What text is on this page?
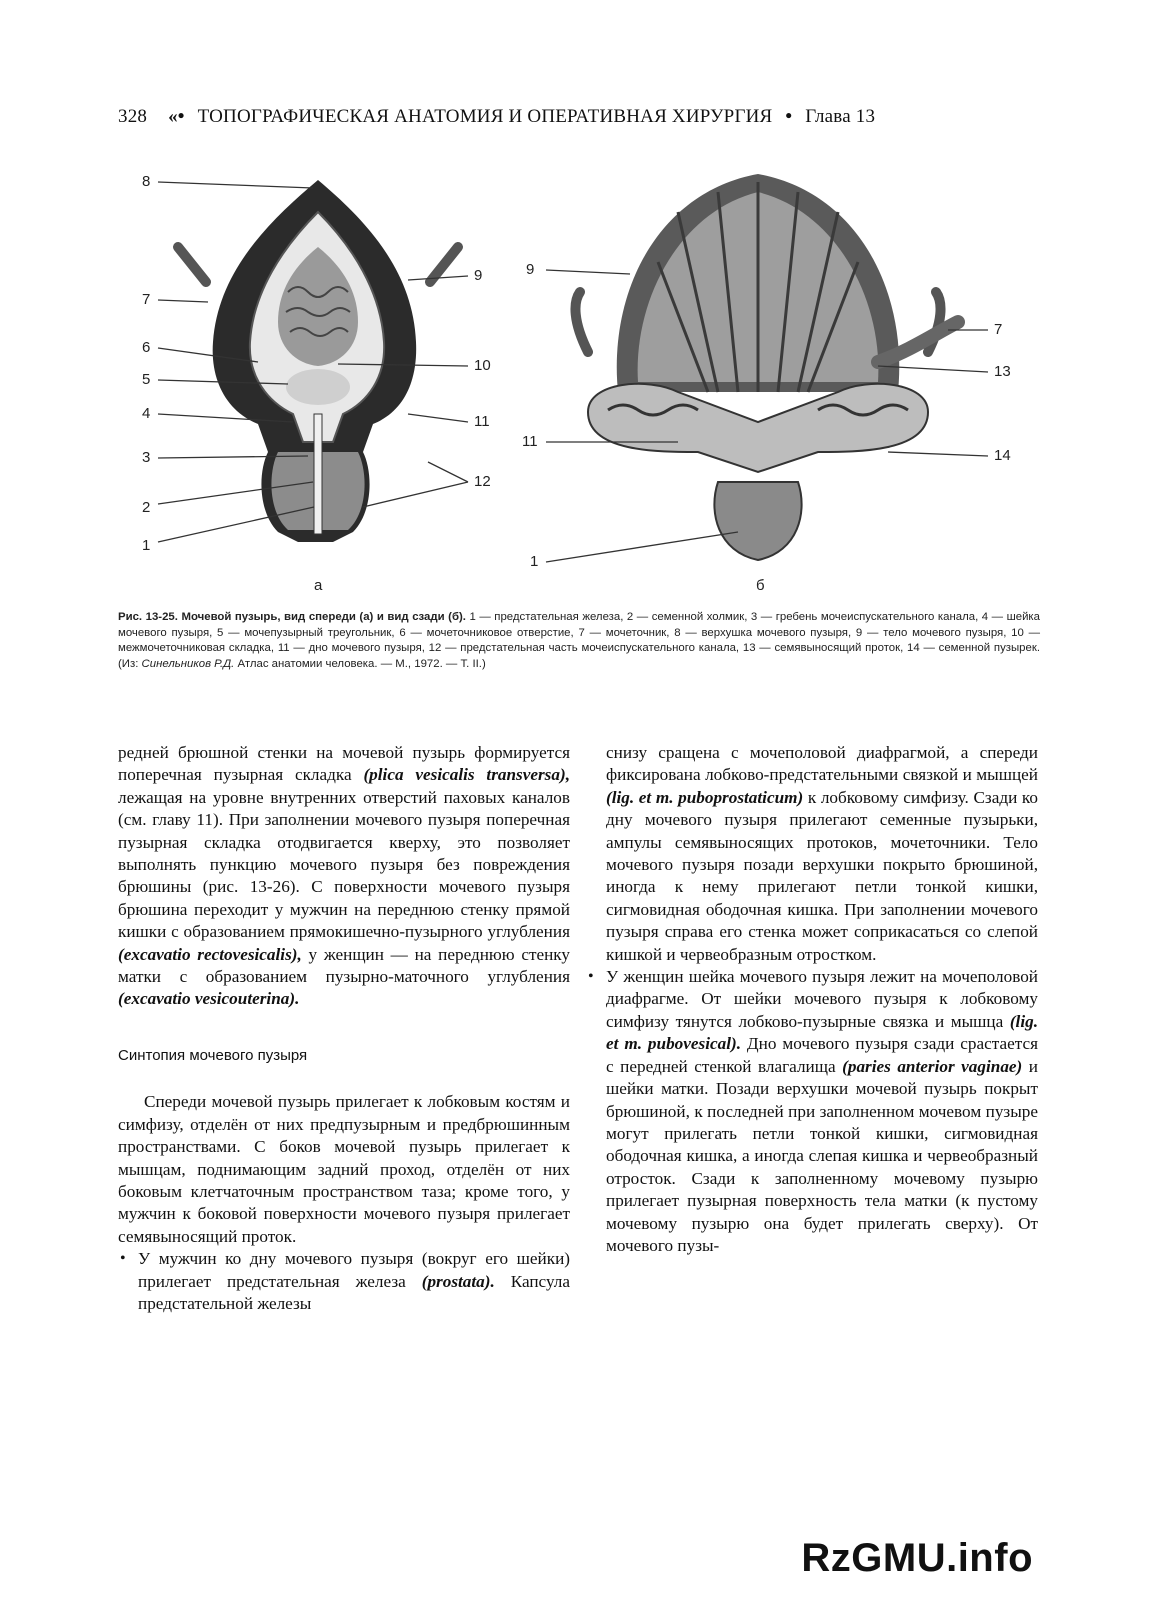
328 «• ТОПОГРАФИЧЕСКАЯ АНАТОМИЯ И ОПЕРАТИВНАЯ ХИРУРГИЯ • Глава 13
8
9
7
6
5
10
4	11
3
12
2
1
а
9
7
13
11
14
1
б
Рис. 13-25. Мочевой пузырь, вид спереди (а) и вид сзади (б). 1 — предстательная железа, 2 — семенной холмик, 3 — гребень мочеиспускательного канала, 4 — шейка мочевого пузыря, 5 — мочепузырный треугольник, 6 — мочеточниковое отверстие, 7 — мочеточник, 8 — верхушка мочевого пузыря, 9 — тело мочевого пузыря, 10 — межмочеточниковая складка, 11 — дно мочевого пузыря, 12 — предстательная часть мочеиспускательного канала, 13 — семявыносящий проток, 14 — семенной пузырек. (Из: Синельников Р.Д. Атлас анатомии человека. — М., 1972. — Т. II.)

редней брюшной стенки на мочевой пузырь формируется поперечная пузырная складка (plica vesicalis transversa), лежащая на уровне внутренних отверстий паховых каналов (см. главу 11). При заполнении мочевого пузыря поперечная пузырная складка отодвигается кверху, это позволяет выполнять пункцию мочевого пузыря без повреждения брюшины (рис. 13-26). С поверхности мочевого пузыря брюшина переходит у мужчин на переднюю стенку прямой кишки с образованием прямокишечно-пузырного углубления (excavatio rectovesicalis), у женщин — на переднюю стенку матки с образованием пузырно-маточного углубления (excavatio vesicouterina).

Синтопия мочевого пузыря

Спереди мочевой пузырь прилегает к лобковым костям и симфизу, отделён от них предпузырным и предбрюшинным пространствами. С боков мочевой пузырь прилегает к мышцам, поднимающим задний проход, отделён от них боковым клетчаточным пространством таза; кроме того, у мужчин к боковой поверхности мочевого пузыря прилегает семявыносящий проток.

• У мужчин ко дну мочевого пузыря (вокруг его шейки) прилегает предстательная железа (prostata). Капсула предстательной железы

снизу сращена с мочеполовой диафрагмой, а спереди фиксирована лобково-предстательными связкой и мышцей (lig. et m. puboprostaticum) к лобковому симфизу. Сзади ко дну мочевого пузыря прилегают семенные пузырьки, ампулы семявыносящих протоков, мочеточники. Тело мочевого пузыря позади верхушки покрыто брюшиной, иногда к нему прилегают петли тонкой кишки, сигмовидная ободочная кишка. При заполнении мочевого пузыря справа его стенка может соприкасаться со слепой кишкой и червеобразным отростком.

• У женщин шейка мочевого пузыря лежит на мочеполовой диафрагме. От шейки мочевого пузыря к лобковому симфизу тянутся лобково-пузырные связка и мышца (lig. et m. pubovesical). Дно мочевого пузыря сзади срастается с передней стенкой влагалища (paries anterior vaginae) и шейки матки. Позади верхушки мочевой пузырь покрыт брюшиной, к последней при заполненном мочевом пузыре могут прилегать петли тонкой кишки, сигмовидная ободочная кишка, а иногда слепая кишка и червеобразный отросток. Сзади к заполненному мочевому пузырю прилегает пузырная поверхность тела матки (к пустому мочевому пузырю она будет прилегать сверху). От мочевого пузы-

RzGMU.info
